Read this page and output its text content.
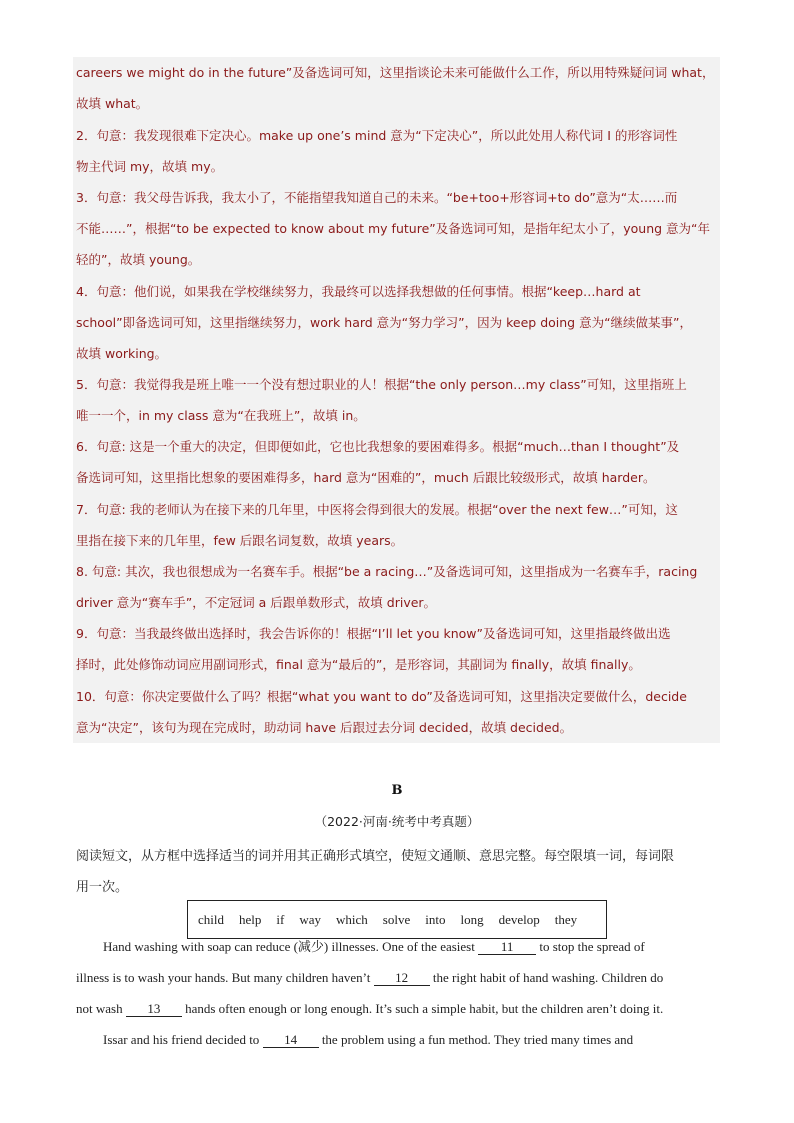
careers we might do in the future”及备选词可知，这里指谈论未来可能做什么工作，所以用特殊疑问词 what，
故填 what。
2．句意：我发现很难下定决心。make up one’s mind 意为“下定决心”，所以此处用人称代词 I 的形容词性
物主代词 my，故填 my。
3．句意：我父母告诉我，我太小了，不能指望我知道自己的未来。“be+too+形容词+to do”意为“太……而
不能……”，根据“to be expected to know about my future”及备选词可知，是指年纪太小了，young 意为“年
轻的”，故填 young。
4．句意：他们说，如果我在学校继续努力，我最终可以选择我想做的任何事情。根据“keep…hard at
school”即备选词可知，这里指继续努力，work hard 意为“努力学习”，因为 keep doing 意为“继续做某事”，
故填 working。
5．句意：我觉得我是班上唯一一个没有想过职业的人！根据“the only person…my class”可知，这里指班上
唯一一个，in my class 意为“在我班上”，故填 in。
6．句意: 这是一个重大的决定，但即便如此，它也比我想象的要困难得多。根据“much…than I thought”及
备选词可知，这里指比想象的要困难得多，hard 意为“困难的”，much 后跟比较级形式，故填 harder。
7．句意: 我的老师认为在接下来的几年里，中医将会得到很大的发展。根据“over the next few…”可知，这
里指在接下来的几年里，few 后跟名词复数，故填 years。
8. 句意: 其次，我也很想成为一名赛车手。根据“be a racing…”及备选词可知，这里指成为一名赛车手，racing
driver 意为“赛车手”，不定冠词 a 后跟单数形式，故填 driver。
9．句意：当我最终做出选择时，我会告诉你的！根据“I’ll let you know”及备选词可知，这里指最终做出选
择时，此处修饰动词应用副词形式，final 意为“最后的”，是形容词，其副词为 finally，故填 finally。
10．句意：你决定要做什么了吗？根据“what you want to do”及备选词可知，这里指决定要做什么，decide
意为“决定”，该句为现在完成时，助动词 have 后跟过去分词 decided，故填 decided。
B
（2022·河南·统考中考真题）
阅读短文，从方框中选择适当的词并用其正确形式填空，使短文通顺、意思完整。每空限填一词，每词限
用一次。
child help if way which solve into long develop they
Hand washing with soap can reduce (减少) illnesses. One of the easiest 11 to stop the spread of
illness is to wash your hands. But many children haven’t 12 the right habit of hand washing. Children do
not wash 13 hands often enough or long enough. It’s such a simple habit, but the children aren’t doing it.
Issar and his friend decided to 14 the problem using a fun method. They tried many times and
